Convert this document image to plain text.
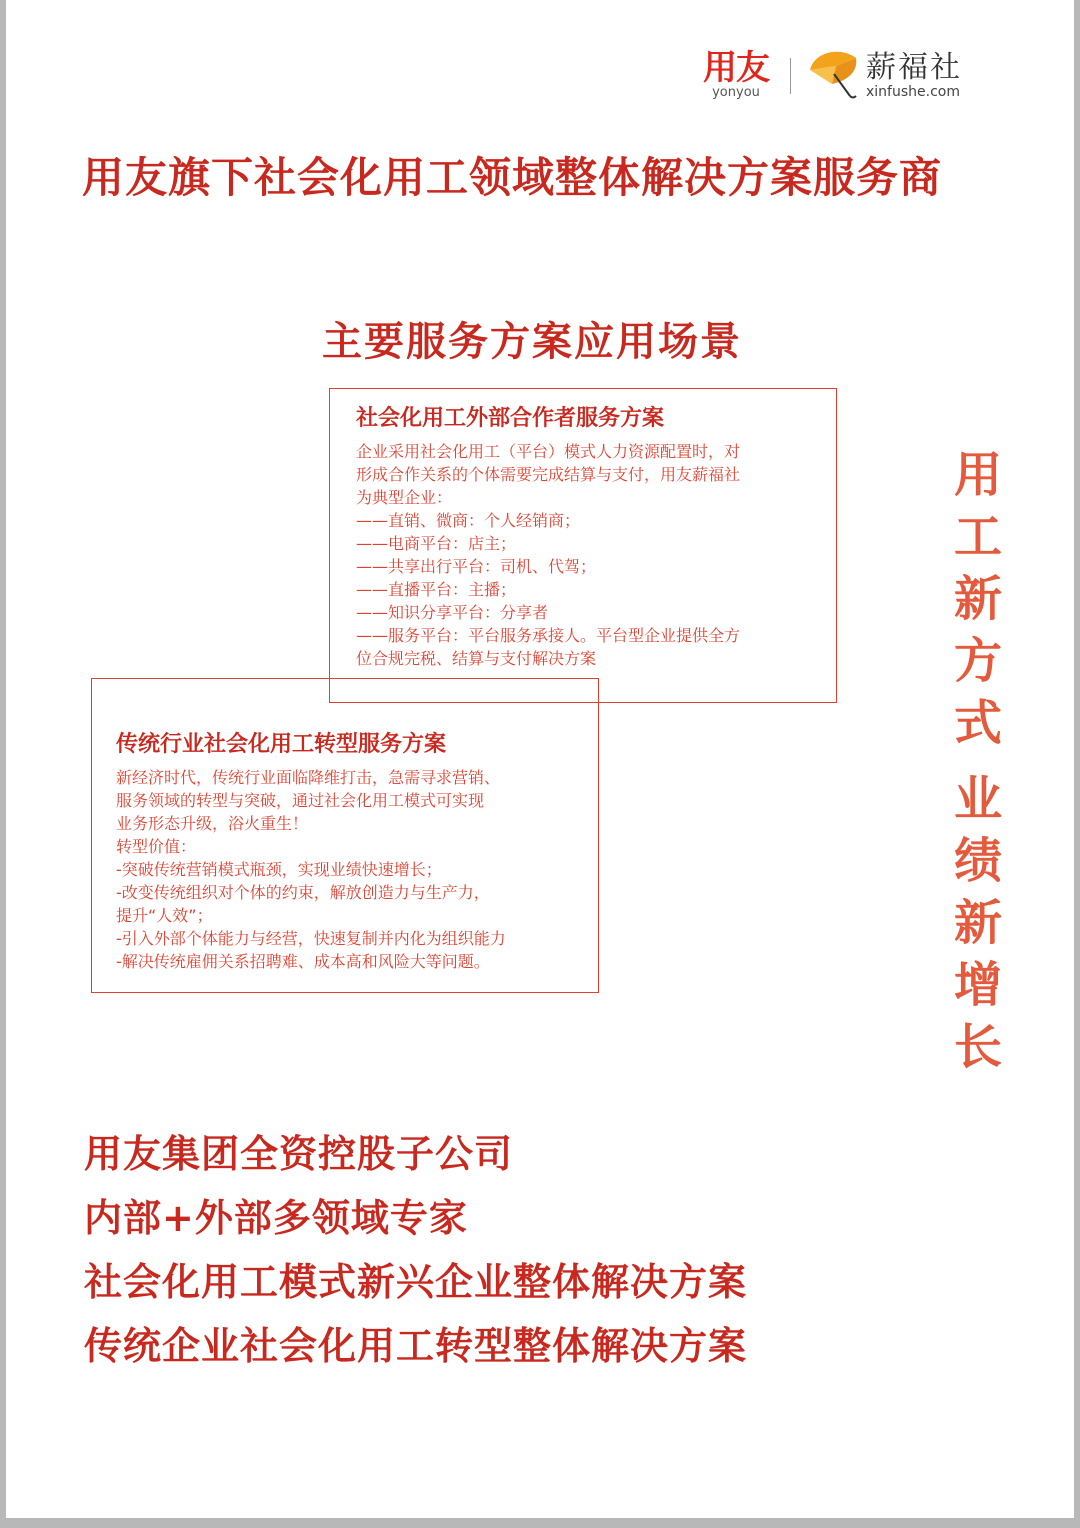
用友
yonyou
薪福社
xinfushe.com
用友旗下社会化用工领域整体解决方案服务商
主要服务方案应用场景
社会化用工外部合作者服务方案
企业采用社会化用工（平台）模式人力资源配置时，对
形成合作关系的个体需要完成结算与支付，用友薪福社
为典型企业：
——直销、微商：个人经销商；
——电商平台：店主；
——共享出行平台：司机、代驾；
——直播平台：主播；
——知识分享平台：分享者
——服务平台：平台服务承接人。平台型企业提供全方
位合规完税、结算与支付解决方案
传统行业社会化用工转型服务方案
新经济时代，传统行业面临降维打击，急需寻求营销、
服务领域的转型与突破，通过社会化用工模式可实现
业务形态升级，浴火重生！
转型价值：
-突破传统营销模式瓶颈，实现业绩快速增长；
-改变传统组织对个体的约束，解放创造力与生产力，
提升“人效”；
-引入外部个体能力与经营，快速复制并内化为组织能力
-解决传统雇佣关系招聘难、成本高和风险大等问题。
用
工
新
方
式
业
绩
新
增
长
用友集团全资控股子公司
内部+外部多领域专家
社会化用工模式新兴企业整体解决方案
传统企业社会化用工转型整体解决方案
